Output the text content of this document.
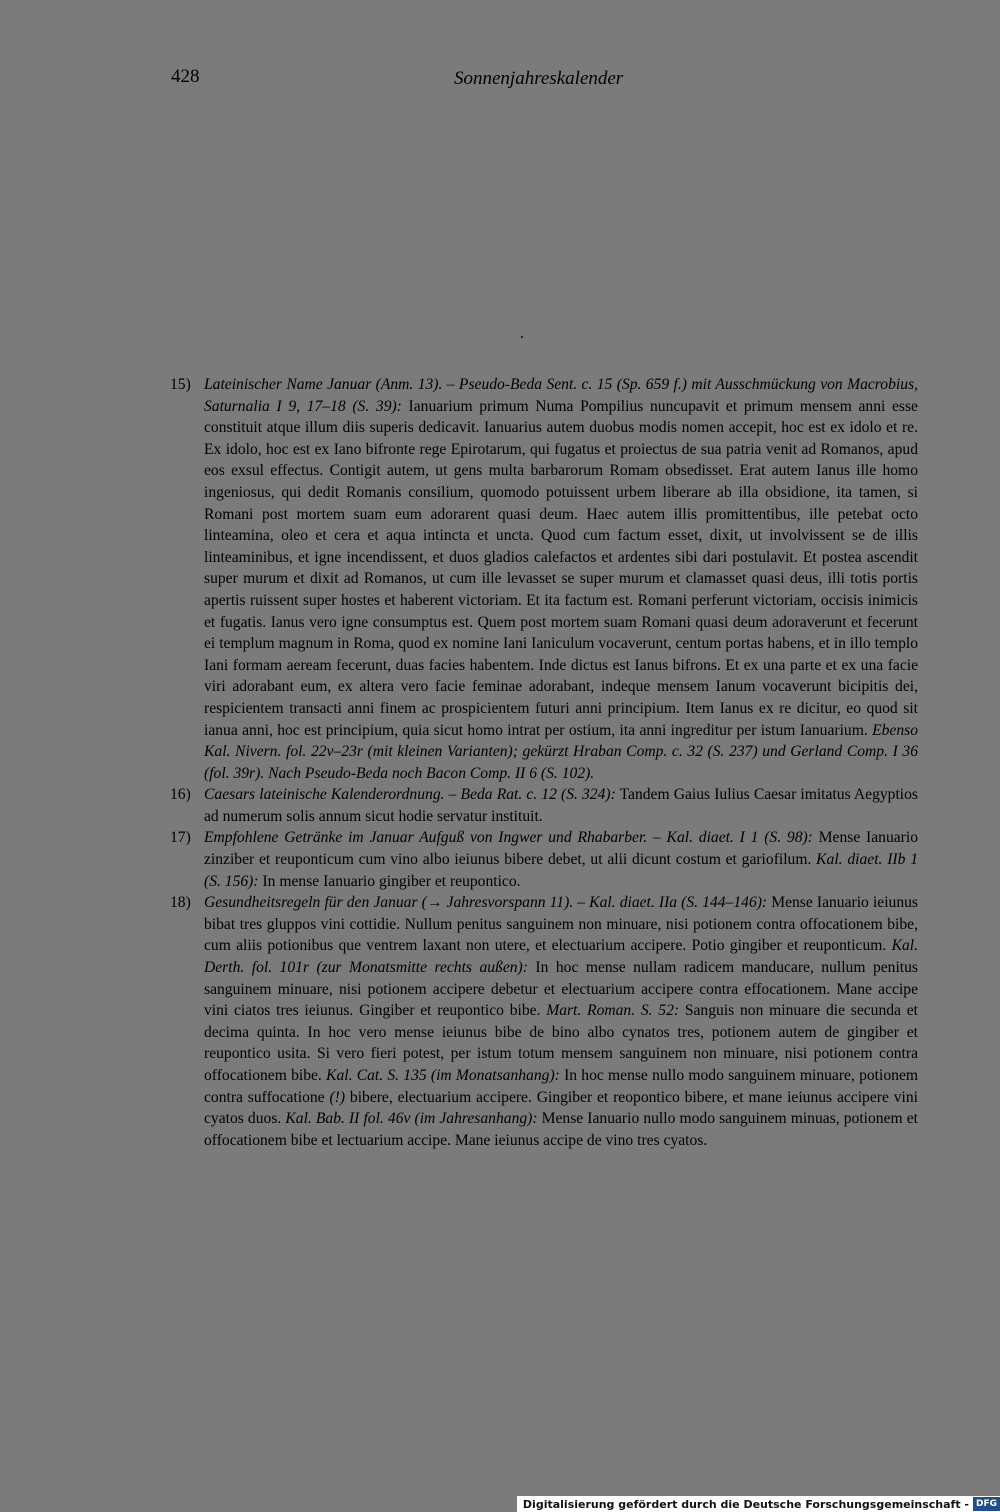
428	Sonnenjahreskalender
15) Lateinischer Name Januar (Anm. 13). – Pseudo-Beda Sent. c. 15 (Sp. 659 f.) mit Ausschmückung von Macrobius, Saturnalia I 9, 17–18 (S. 39): Ianuarium primum Numa Pompilius nuncupavit et primum mensem anni esse constituit atque illum diis superis dedicavit. Ianuarius autem duobus modis nomen accepit, hoc est ex idolo et re. Ex idolo, hoc est ex Iano bifronte rege Epirotarum, qui fugatus et proiectus de sua patria venit ad Romanos, apud eos exsul effectus. Contigit autem, ut gens multa barbarorum Romam obsedisset. Erat autem Ianus ille homo ingeniosus, qui dedit Romanis consilium, quomodo potuissent urbem liberare ab illa obsidione, ita tamen, si Romani post mortem suam eum adorarent quasi deum. Haec autem illis promittentibus, ille petebat octo linteamina, oleo et cera et aqua intincta et uncta. Quod cum factum esset, dixit, ut involvissent se de illis linteaminibus, et igne incendissent, et duos gladios calefactos et ardentes sibi dari postulavit. Et postea ascendit super murum et dixit ad Romanos, ut cum ille levasset se super murum et clamasset quasi deus, illi totis portis apertis ruissent super hostes et haberent victoriam. Et ita factum est. Romani perferunt victoriam, occisis inimicis et fugatis. Ianus vero igne consumptus est. Quem post mortem suam Romani quasi deum adoraverunt et fecerunt ei templum magnum in Roma, quod ex nomine Iani Ianiculum vocaverunt, centum portas habens, et in illo templo Iani formam aeream fecerunt, duas facies habentem. Inde dictus est Ianus bifrons. Et ex una parte et ex una facie viri adorabant eum, ex altera vero facie feminae adorabant, indeque mensem Ianum vocaverunt bicipitis dei, respicientem transacti anni finem ac prospicientem futuri anni principium. Item Ianus ex re dicitur, eo quod sit ianua anni, hoc est principium, quia sicut homo intrat per ostium, ita anni ingreditur per istum Ianuarium. Ebenso Kal. Nivern. fol. 22v–23r (mit kleinen Varianten); gekürzt Hraban Comp. c. 32 (S. 237) und Gerland Comp. I 36 (fol. 39r). Nach Pseudo-Beda noch Bacon Comp. II 6 (S. 102).
16) Caesars lateinische Kalenderordnung. – Beda Rat. c. 12 (S. 324): Tandem Gaius Iulius Caesar imitatus Aegyptios ad numerum solis annum sicut hodie servatur instituit.
17) Empfohlene Getränke im Januar Aufguß von Ingwer und Rhabarber. – Kal. diaet. I 1 (S. 98): Mense Ianuario zinziber et reuponticum cum vino albo ieiunus bibere debet, ut alii dicunt costum et gariofilum. Kal. diaet. IIb 1 (S. 156): In mense Ianuario gingiber et reupontico.
18) Gesundheitsregeln für den Januar (→ Jahresvorspann 11). – Kal. diaet. IIa (S. 144–146): Mense Ianuario ieiunus bibat tres gluppos vini cottidie. Nullum penitus sanguinem non minuare, nisi potionem contra offocationem bibe, cum aliis potionibus que ventrem laxant non utere, et electuarium accipere. Potio gingiber et reuponticum. Kal. Derth. fol. 101r (zur Monatsmitte rechts außen): In hoc mense nullam radicem manducare, nullum penitus sanguinem minuare, nisi potionem accipere debetur et electuarium accipere contra effocationem. Mane accipe vini ciatos tres ieiunus. Gingiber et reupontico bibe. Mart. Roman. S. 52: Sanguis non minuare die secunda et decima quinta. In hoc vero mense ieiunus bibe de bino albo cynatos tres, potionem autem de gingiber et reupontico usita. Si vero fieri potest, per istum totum mensem sanguinem non minuare, nisi potionem contra offocationem bibe. Kal. Cat. S. 135 (im Monatsanhang): In hoc mense nullo modo sanguinem minuare, potionem contra suffocatione (!) bibere, electuarium accipere. Gingiber et reopontico bibere, et mane ieiunus accipere vini cyatos duos. Kal. Bab. II fol. 46v (im Jahresanhang): Mense Ianuario nullo modo sanguinem minuas, potionem et offocationem bibe et lectuarium accipe. Mane ieiunus accipe de vino tres cyatos.
Digitalisierung gefördert durch die Deutsche Forschungsgemeinschaft - DFG
